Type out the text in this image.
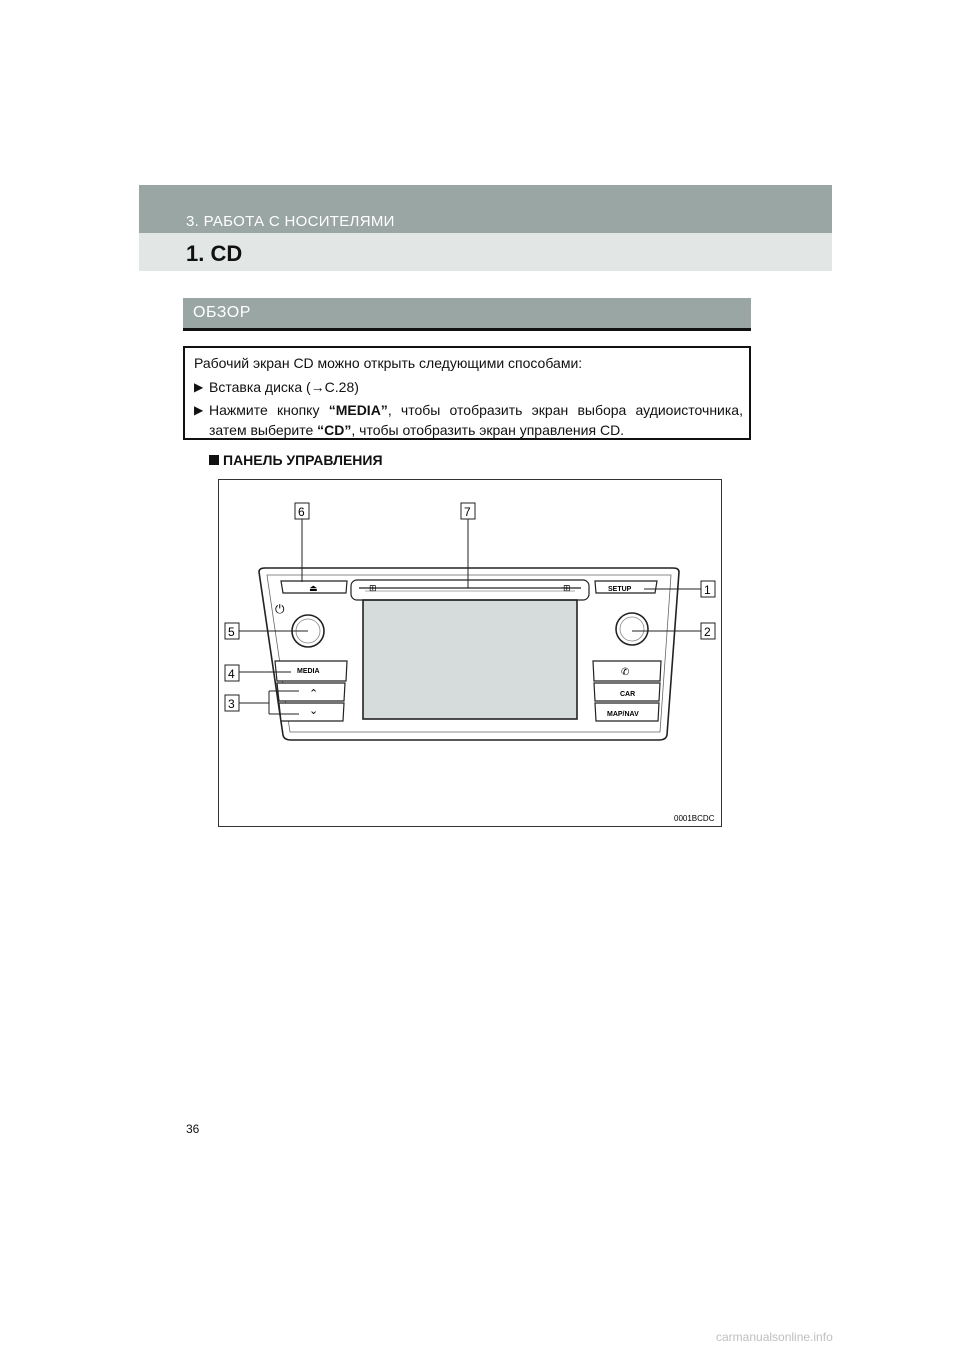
3. РАБОТА С НОСИТЕЛЯМИ
1. CD
ОБЗОР
Рабочий экран CD можно открыть следующими способами:
▶ Вставка диска (→С.28)
▶ Нажмите кнопку “MEDIA”, чтобы отобразить экран выбора аудиоисточника, затем выберите “CD”, чтобы отобразить экран управления CD.
ПАНЕЛЬ УПРАВЛЕНИЯ
⊞	⊞
⏏
⏻
MEDIA
⌃
⌄
SETUP
✆
CAR
MAP/NAV
6	7
1
2
5
4
3
0001BCDC
36
carmanualsonline.info
